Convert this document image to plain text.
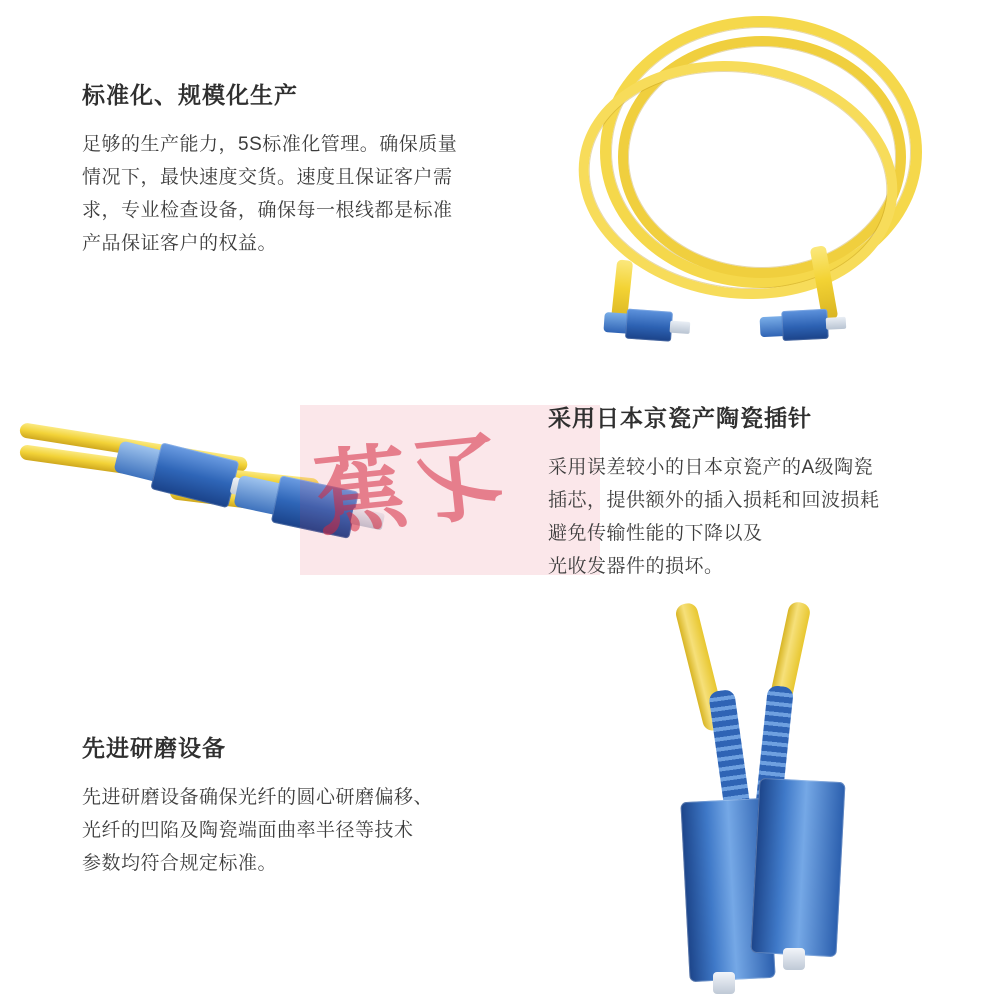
标准化、规模化生产

足够的生产能力，5S标准化管理。确保质量
情况下，最快速度交货。速度且保证客户需
求，专业检查设备，确保每一根线都是标准
产品保证客户的权益。

蕉孓
采用日本京瓷产陶瓷插针

采用误差较小的日本京瓷产的A级陶瓷
插芯，提供额外的插入损耗和回波损耗
避免传输性能的下降以及
光收发器件的损坏。

先进研磨设备

先进研磨设备确保光纤的圆心研磨偏移、
光纤的凹陷及陶瓷端面曲率半径等技术
参数均符合规定标准。
